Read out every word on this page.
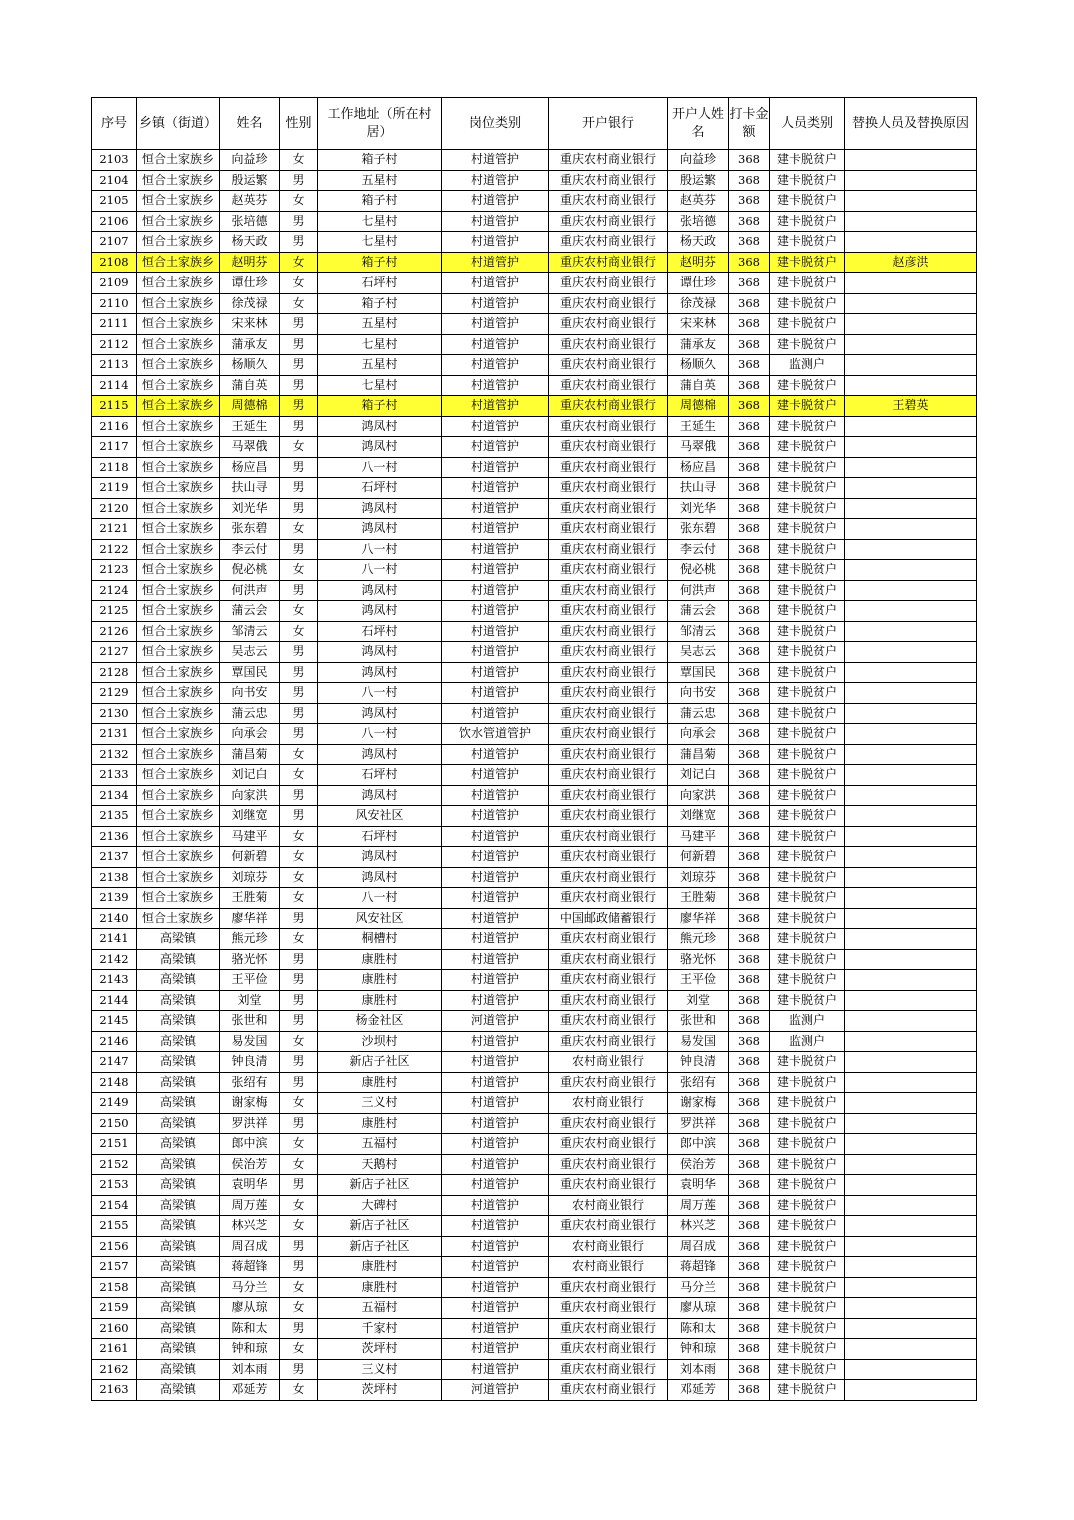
序号	乡镇（街道）	姓名	性别	工作地址（所在村居）	岗位类别	开户银行	开户人姓名	打卡金额	人员类别	替换人员及替换原因
2103	恒合土家族乡	向益珍	女	箱子村	村道管护	重庆农村商业银行	向益珍	368	建卡脱贫户	
2104	恒合土家族乡	殷运繁	男	五星村	村道管护	重庆农村商业银行	殷运繁	368	建卡脱贫户	
2105	恒合土家族乡	赵英芬	女	箱子村	村道管护	重庆农村商业银行	赵英芬	368	建卡脱贫户	
2106	恒合土家族乡	张培德	男	七星村	村道管护	重庆农村商业银行	张培德	368	建卡脱贫户	
2107	恒合土家族乡	杨天政	男	七星村	村道管护	重庆农村商业银行	杨天政	368	建卡脱贫户	
2108	恒合土家族乡	赵明芬	女	箱子村	村道管护	重庆农村商业银行	赵明芬	368	建卡脱贫户	赵彦洪
2109	恒合土家族乡	谭仕珍	女	石坪村	村道管护	重庆农村商业银行	谭仕珍	368	建卡脱贫户	
2110	恒合土家族乡	徐茂禄	女	箱子村	村道管护	重庆农村商业银行	徐茂禄	368	建卡脱贫户	
2111	恒合土家族乡	宋来林	男	五星村	村道管护	重庆农村商业银行	宋来林	368	建卡脱贫户	
2112	恒合土家族乡	蒲承友	男	七星村	村道管护	重庆农村商业银行	蒲承友	368	建卡脱贫户	
2113	恒合土家族乡	杨顺久	男	五星村	村道管护	重庆农村商业银行	杨顺久	368	监测户	
2114	恒合土家族乡	蒲自英	男	七星村	村道管护	重庆农村商业银行	蒲自英	368	建卡脱贫户	
2115	恒合土家族乡	周德棉	男	箱子村	村道管护	重庆农村商业银行	周德棉	368	建卡脱贫户	王碧英
2116	恒合土家族乡	王延生	男	鸿凤村	村道管护	重庆农村商业银行	王延生	368	建卡脱贫户	
2117	恒合土家族乡	马翠俄	女	鸿凤村	村道管护	重庆农村商业银行	马翠俄	368	建卡脱贫户	
2118	恒合土家族乡	杨应昌	男	八一村	村道管护	重庆农村商业银行	杨应昌	368	建卡脱贫户	
2119	恒合土家族乡	扶山寻	男	石坪村	村道管护	重庆农村商业银行	扶山寻	368	建卡脱贫户	
2120	恒合土家族乡	刘光华	男	鸿凤村	村道管护	重庆农村商业银行	刘光华	368	建卡脱贫户	
2121	恒合土家族乡	张东碧	女	鸿凤村	村道管护	重庆农村商业银行	张东碧	368	建卡脱贫户	
2122	恒合土家族乡	李云付	男	八一村	村道管护	重庆农村商业银行	李云付	368	建卡脱贫户	
2123	恒合土家族乡	倪必桃	女	八一村	村道管护	重庆农村商业银行	倪必桃	368	建卡脱贫户	
2124	恒合土家族乡	何洪声	男	鸿凤村	村道管护	重庆农村商业银行	何洪声	368	建卡脱贫户	
2125	恒合土家族乡	蒲云会	女	鸿凤村	村道管护	重庆农村商业银行	蒲云会	368	建卡脱贫户	
2126	恒合土家族乡	邹清云	女	石坪村	村道管护	重庆农村商业银行	邹清云	368	建卡脱贫户	
2127	恒合土家族乡	吴志云	男	鸿凤村	村道管护	重庆农村商业银行	吴志云	368	建卡脱贫户	
2128	恒合土家族乡	覃国民	男	鸿凤村	村道管护	重庆农村商业银行	覃国民	368	建卡脱贫户	
2129	恒合土家族乡	向书安	男	八一村	村道管护	重庆农村商业银行	向书安	368	建卡脱贫户	
2130	恒合土家族乡	蒲云忠	男	鸿凤村	村道管护	重庆农村商业银行	蒲云忠	368	建卡脱贫户	
2131	恒合土家族乡	向承会	男	八一村	饮水管道管护	重庆农村商业银行	向承会	368	建卡脱贫户	
2132	恒合土家族乡	蒲昌菊	女	鸿凤村	村道管护	重庆农村商业银行	蒲昌菊	368	建卡脱贫户	
2133	恒合土家族乡	刘记白	女	石坪村	村道管护	重庆农村商业银行	刘记白	368	建卡脱贫户	
2134	恒合土家族乡	向家洪	男	鸿凤村	村道管护	重庆农村商业银行	向家洪	368	建卡脱贫户	
2135	恒合土家族乡	刘继宽	男	风安社区	村道管护	重庆农村商业银行	刘继宽	368	建卡脱贫户	
2136	恒合土家族乡	马建平	女	石坪村	村道管护	重庆农村商业银行	马建平	368	建卡脱贫户	
2137	恒合土家族乡	何新碧	女	鸿凤村	村道管护	重庆农村商业银行	何新碧	368	建卡脱贫户	
2138	恒合土家族乡	刘琼芬	女	鸿凤村	村道管护	重庆农村商业银行	刘琼芬	368	建卡脱贫户	
2139	恒合土家族乡	王胜菊	女	八一村	村道管护	重庆农村商业银行	王胜菊	368	建卡脱贫户	
2140	恒合土家族乡	廖华祥	男	风安社区	村道管护	中国邮政储蓄银行	廖华祥	368	建卡脱贫户	
2141	高梁镇	熊元珍	女	桐槽村	村道管护	重庆农村商业银行	熊元珍	368	建卡脱贫户	
2142	高梁镇	骆光怀	男	康胜村	村道管护	重庆农村商业银行	骆光怀	368	建卡脱贫户	
2143	高梁镇	王平俭	男	康胜村	村道管护	重庆农村商业银行	王平俭	368	建卡脱贫户	
2144	高梁镇	刘堂	男	康胜村	村道管护	重庆农村商业银行	刘堂	368	建卡脱贫户	
2145	高梁镇	张世和	男	杨金社区	河道管护	重庆农村商业银行	张世和	368	监测户	
2146	高梁镇	易发国	女	沙坝村	村道管护	重庆农村商业银行	易发国	368	监测户	
2147	高梁镇	钟良清	男	新店子社区	村道管护	农村商业银行	钟良清	368	建卡脱贫户	
2148	高梁镇	张绍有	男	康胜村	村道管护	重庆农村商业银行	张绍有	368	建卡脱贫户	
2149	高梁镇	谢家梅	女	三义村	村道管护	农村商业银行	谢家梅	368	建卡脱贫户	
2150	高梁镇	罗洪祥	男	康胜村	村道管护	重庆农村商业银行	罗洪祥	368	建卡脱贫户	
2151	高梁镇	郎中滨	女	五福村	村道管护	重庆农村商业银行	郎中滨	368	建卡脱贫户	
2152	高梁镇	侯治芳	女	天鹅村	村道管护	重庆农村商业银行	侯治芳	368	建卡脱贫户	
2153	高梁镇	袁明华	男	新店子社区	村道管护	重庆农村商业银行	袁明华	368	建卡脱贫户	
2154	高梁镇	周万莲	女	大碑村	村道管护	农村商业银行	周万莲	368	建卡脱贫户	
2155	高梁镇	林兴芝	女	新店子社区	村道管护	重庆农村商业银行	林兴芝	368	建卡脱贫户	
2156	高梁镇	周召成	男	新店子社区	村道管护	农村商业银行	周召成	368	建卡脱贫户	
2157	高梁镇	蒋超锋	男	康胜村	村道管护	农村商业银行	蒋超锋	368	建卡脱贫户	
2158	高梁镇	马分兰	女	康胜村	村道管护	重庆农村商业银行	马分兰	368	建卡脱贫户	
2159	高梁镇	廖从琼	女	五福村	村道管护	重庆农村商业银行	廖从琼	368	建卡脱贫户	
2160	高梁镇	陈和太	男	千家村	村道管护	重庆农村商业银行	陈和太	368	建卡脱贫户	
2161	高梁镇	钟和琼	女	茨坪村	村道管护	重庆农村商业银行	钟和琼	368	建卡脱贫户	
2162	高梁镇	刘本雨	男	三义村	村道管护	重庆农村商业银行	刘本雨	368	建卡脱贫户	
2163	高梁镇	邓延芳	女	茨坪村	河道管护	重庆农村商业银行	邓延芳	368	建卡脱贫户	
